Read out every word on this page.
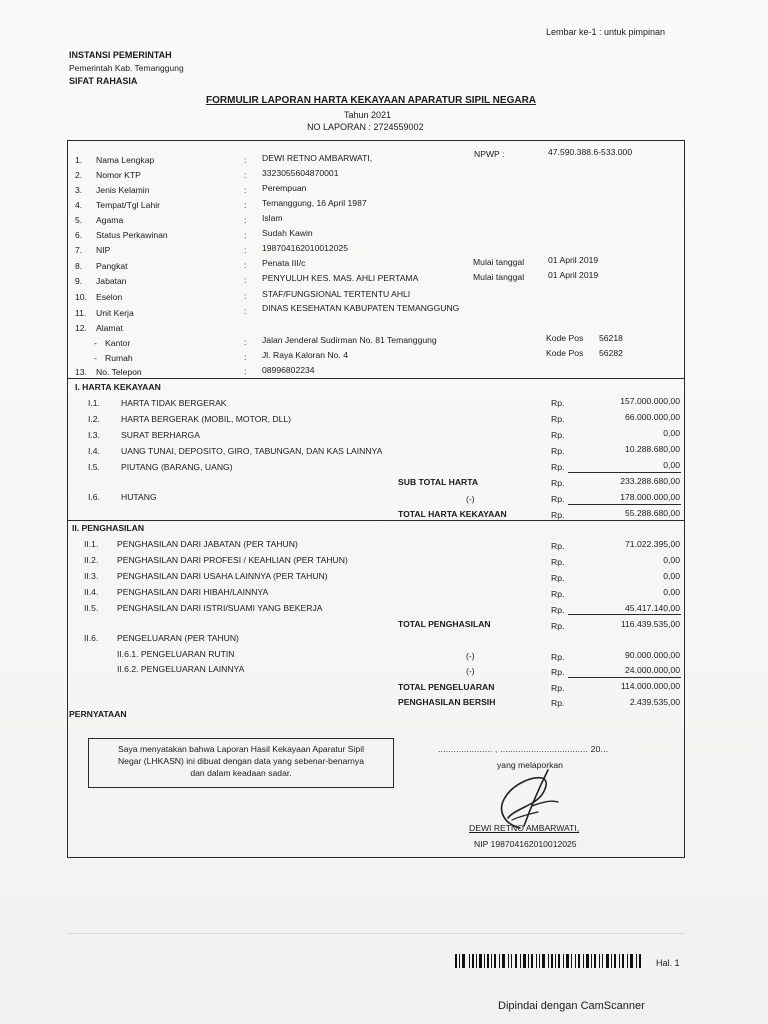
Lembar ke-1 : untuk pimpinan
INSTANSI PEMERINTAH
Pemerintah Kab. Temanggung
SIFAT RAHASIA
FORMULIR LAPORAN HARTA KEKAYAAN APARATUR SIPIL NEGARA
Tahun 2021
NO LAPORAN : 2724559002
1. Nama Lengkap	: DEWI RETNO AMBARWATI,	NPWP :	47.590.388.6-533.000
2. Nomor KTP	: 3323055604870001
3. Jenis Kelamin	: Perempuan
4. Tempat/Tgl Lahir	: Temanggung, 16 April 1987
5. Agama	: Islam
6. Status Perkawinan	: Sudah Kawin
7. NIP	: 198704162010012025
8. Pangkat	: Penata III/c	Mulai tanggal	01 April 2019
9. Jabatan	: PENYULUH KES. MAS. AHLI PERTAMA	Mulai tanggal	01 April 2019
10. Eselon	: STAF/FUNGSIONAL TERTENTU AHLI
11. Unit Kerja	: DINAS KESEHATAN KABUPATEN TEMANGGUNG
12. Alamat
- Kantor	: Jalan Jenderal Sudirman No. 81 Temanggung	Kode Pos 56218
- Rumah	: Jl. Raya Kaloran No. 4	Kode Pos 56282
13. No. Telepon	: 08996802234
I. HARTA KEKAYAAN
I.1. HARTA TIDAK BERGERAK	Rp.	157.000.000,00
I.2. HARTA BERGERAK (MOBIL, MOTOR, DLL)	Rp.	66.000.000,00
I.3. SURAT BERHARGA	Rp.	0,00
I.4. UANG TUNAI, DEPOSITO, GIRO, TABUNGAN, DAN KAS LAINNYA	Rp.	10.288.680,00
I.5. PIUTANG (BARANG, UANG)	Rp.	0,00
SUB TOTAL HARTA	Rp.	233.288.680,00
I.6. HUTANG	(-)	Rp.	178.000.000,00
TOTAL HARTA KEKAYAAN	Rp.	55.288.680,00
II. PENGHASILAN
II.1. PENGHASILAN DARI JABATAN (PER TAHUN)	Rp.	71.022.395,00
II.2. PENGHASILAN DARI PROFESI / KEAHLIAN (PER TAHUN)	Rp.	0,00
II.3. PENGHASILAN DARI USAHA LAINNYA (PER TAHUN)	Rp.	0,00
II.4. PENGHASILAN DARI HIBAH/LAINNYA	Rp.	0,00
II.5. PENGHASILAN DARI ISTRI/SUAMI YANG BEKERJA	Rp.	45.417.140,00
TOTAL PENGHASILAN	Rp.	116.439.535,00
II.6. PENGELUARAN (PER TAHUN)
II.6.1. PENGELUARAN RUTIN	(-)	Rp.	90.000.000,00
II.6.2. PENGELUARAN LAINNYA	(-)	Rp.	24.000.000,00
TOTAL PENGELUARAN	Rp.	114.000.000,00
PENGHASILAN BERSIH	Rp.	2.439.535,00
PERNYATAAN
Saya menyatakan bahwa Laporan Hasil Kekayaan Aparatur Sipil
Negar (LHKASN) ini dibuat dengan data yang sebenar-benarnya
dan dalam keadaan sadar.
..................... , .................................. 20...
yang melaporkan
DEWI RETNO AMBARWATI,
NIP 198704162010012025
Hal. 1
Dipindai dengan CamScanner
